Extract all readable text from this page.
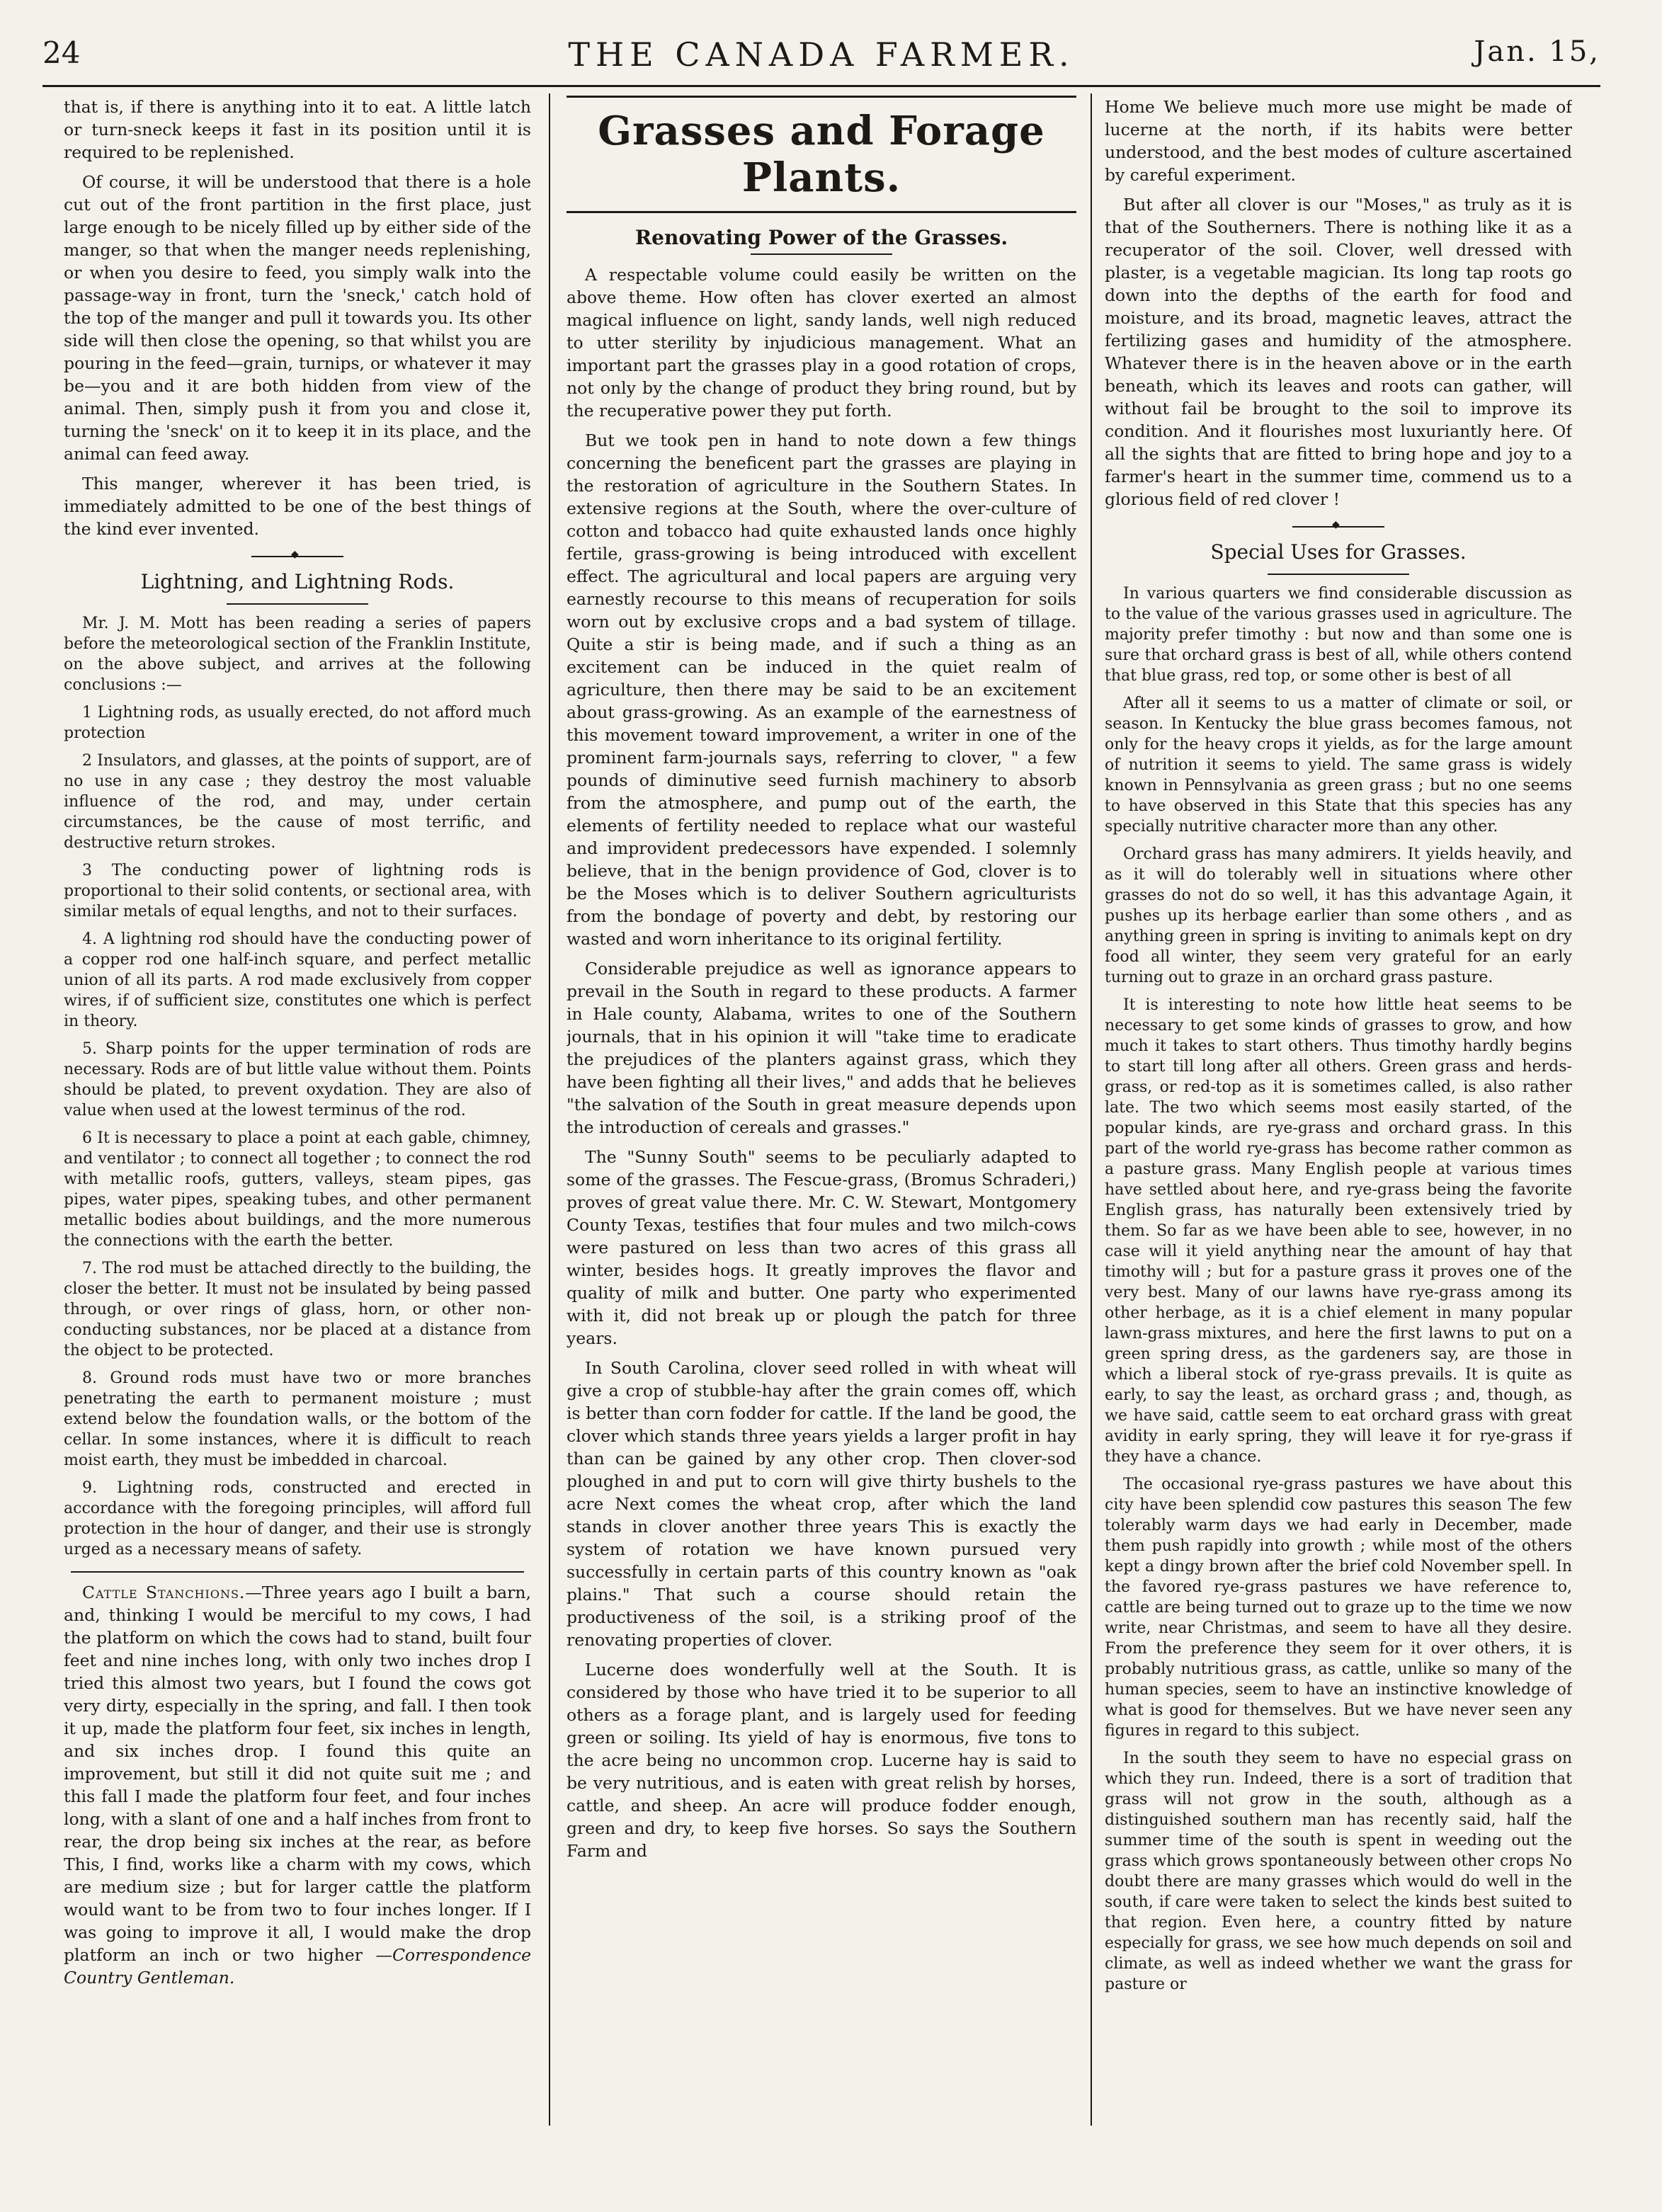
24	THE CANADA FARMER.	Jan. 15,

that is, if there is anything into it to eat. A little latch or turn-sneck keeps it fast in its position until it is required to be replenished.

Of course, it will be understood that there is a hole cut out of the front partition in the first place, just large enough to be nicely filled up by either side of the manger, so that when the manger needs replenishing, or when you desire to feed, you simply walk into the passage-way in front, turn the 'sneck,' catch hold of the top of the manger and pull it towards you. Its other side will then close the opening, so that whilst you are pouring in the feed—grain, turnips, or whatever it may be—you and it are both hidden from view of the animal. Then, simply push it from you and close it, turning the 'sneck' on it to keep it in its place, and the animal can feed away.

This manger, wherever it has been tried, is immediately admitted to be one of the best things of the kind ever invented.

◆
Lightning, and Lightning Rods.

Mr. J. M. Mott has been reading a series of papers before the meteorological section of the Franklin Institute, on the above subject, and arrives at the following conclusions :—

1 Lightning rods, as usually erected, do not afford much protection

2 Insulators, and glasses, at the points of support, are of no use in any case ; they destroy the most valuable influence of the rod, and may, under certain circumstances, be the cause of most terrific, and destructive return strokes.

3 The conducting power of lightning rods is proportional to their solid contents, or sectional area, with similar metals of equal lengths, and not to their surfaces.

4. A lightning rod should have the conducting power of a copper rod one half-inch square, and perfect metallic union of all its parts. A rod made exclusively from copper wires, if of sufficient size, constitutes one which is perfect in theory.

5. Sharp points for the upper termination of rods are necessary. Rods are of but little value without them. Points should be plated, to prevent oxydation. They are also of value when used at the lowest terminus of the rod.

6 It is necessary to place a point at each gable, chimney, and ventilator ; to connect all together ; to connect the rod with metallic roofs, gutters, valleys, steam pipes, gas pipes, water pipes, speaking tubes, and other permanent metallic bodies about buildings, and the more numerous the connections with the earth the better.

7. The rod must be attached directly to the building, the closer the better. It must not be insulated by being passed through, or over rings of glass, horn, or other non-conducting substances, nor be placed at a distance from the object to be protected.

8. Ground rods must have two or more branches penetrating the earth to permanent moisture ; must extend below the foundation walls, or the bottom of the cellar. In some instances, where it is difficult to reach moist earth, they must be imbedded in charcoal.

9. Lightning rods, constructed and erected in accordance with the foregoing principles, will afford full protection in the hour of danger, and their use is strongly urged as a necessary means of safety.

Cattle Stanchions.—Three years ago I built a barn, and, thinking I would be merciful to my cows, I had the platform on which the cows had to stand, built four feet and nine inches long, with only two inches drop I tried this almost two years, but I found the cows got very dirty, especially in the spring, and fall. I then took it up, made the platform four feet, six inches in length, and six inches drop. I found this quite an improvement, but still it did not quite suit me ; and this fall I made the platform four feet, and four inches long, with a slant of one and a half inches from front to rear, the drop being six inches at the rear, as before This, I find, works like a charm with my cows, which are medium size ; but for larger cattle the platform would want to be from two to four inches longer. If I was going to improve it all, I would make the drop platform an inch or two higher —Correspondence Country Gentleman.

Grasses and Forage Plants.
Renovating Power of the Grasses.

A respectable volume could easily be written on the above theme. How often has clover exerted an almost magical influence on light, sandy lands, well nigh reduced to utter sterility by injudicious management. What an important part the grasses play in a good rotation of crops, not only by the change of product they bring round, but by the recuperative power they put forth.

But we took pen in hand to note down a few things concerning the beneficent part the grasses are playing in the restoration of agriculture in the Southern States. In extensive regions at the South, where the over-culture of cotton and tobacco had quite exhausted lands once highly fertile, grass-growing is being introduced with excellent effect. The agricultural and local papers are arguing very earnestly recourse to this means of recuperation for soils worn out by exclusive crops and a bad system of tillage. Quite a stir is being made, and if such a thing as an excitement can be induced in the quiet realm of agriculture, then there may be said to be an excitement about grass-growing. As an example of the earnestness of this movement toward improvement, a writer in one of the prominent farm-journals says, referring to clover, " a few pounds of diminutive seed furnish machinery to absorb from the atmosphere, and pump out of the earth, the elements of fertility needed to replace what our wasteful and improvident predecessors have expended. I solemnly believe, that in the benign providence of God, clover is to be the Moses which is to deliver Southern agriculturists from the bondage of poverty and debt, by restoring our wasted and worn inheritance to its original fertility.

Considerable prejudice as well as ignorance appears to prevail in the South in regard to these products. A farmer in Hale county, Alabama, writes to one of the Southern journals, that in his opinion it will "take time to eradicate the prejudices of the planters against grass, which they have been fighting all their lives," and adds that he believes "the salvation of the South in great measure depends upon the introduction of cereals and grasses."

The "Sunny South" seems to be peculiarly adapted to some of the grasses. The Fescue-grass, (Bromus Schraderi,) proves of great value there. Mr. C. W. Stewart, Montgomery County Texas, testifies that four mules and two milch-cows were pastured on less than two acres of this grass all winter, besides hogs. It greatly improves the flavor and quality of milk and butter. One party who experimented with it, did not break up or plough the patch for three years.

In South Carolina, clover seed rolled in with wheat will give a crop of stubble-hay after the grain comes off, which is better than corn fodder for cattle. If the land be good, the clover which stands three years yields a larger profit in hay than can be gained by any other crop. Then clover-sod ploughed in and put to corn will give thirty bushels to the acre Next comes the wheat crop, after which the land stands in clover another three years This is exactly the system of rotation we have known pursued very successfully in certain parts of this country known as "oak plains." That such a course should retain the productiveness of the soil, is a striking proof of the renovating properties of clover.

Lucerne does wonderfully well at the South. It is considered by those who have tried it to be superior to all others as a forage plant, and is largely used for feeding green or soiling. Its yield of hay is enormous, five tons to the acre being no uncommon crop. Lucerne hay is said to be very nutritious, and is eaten with great relish by horses, cattle, and sheep. An acre will produce fodder enough, green and dry, to keep five horses. So says the Southern Farm and

Home We believe much more use might be made of lucerne at the north, if its habits were better understood, and the best modes of culture ascertained by careful experiment.

But after all clover is our "Moses," as truly as it is that of the Southerners. There is nothing like it as a recuperator of the soil. Clover, well dressed with plaster, is a vegetable magician. Its long tap roots go down into the depths of the earth for food and moisture, and its broad, magnetic leaves, attract the fertilizing gases and humidity of the atmosphere. Whatever there is in the heaven above or in the earth beneath, which its leaves and roots can gather, will without fail be brought to the soil to improve its condition. And it flourishes most luxuriantly here. Of all the sights that are fitted to bring hope and joy to a farmer's heart in the summer time, commend us to a glorious field of red clover !

◆
Special Uses for Grasses.

In various quarters we find considerable discussion as to the value of the various grasses used in agriculture. The majority prefer timothy : but now and than some one is sure that orchard grass is best of all, while others contend that blue grass, red top, or some other is best of all

After all it seems to us a matter of climate or soil, or season. In Kentucky the blue grass becomes famous, not only for the heavy crops it yields, as for the large amount of nutrition it seems to yield. The same grass is widely known in Pennsylvania as green grass ; but no one seems to have observed in this State that this species has any specially nutritive character more than any other.

Orchard grass has many admirers. It yields heavily, and as it will do tolerably well in situations where other grasses do not do so well, it has this advantage Again, it pushes up its herbage earlier than some others , and as anything green in spring is inviting to animals kept on dry food all winter, they seem very grateful for an early turning out to graze in an orchard grass pasture.

It is interesting to note how little heat seems to be necessary to get some kinds of grasses to grow, and how much it takes to start others. Thus timothy hardly begins to start till long after all others. Green grass and herds-grass, or red-top as it is sometimes called, is also rather late. The two which seems most easily started, of the popular kinds, are rye-grass and orchard grass. In this part of the world rye-grass has become rather common as a pasture grass. Many English people at various times have settled about here, and rye-grass being the favorite English grass, has naturally been extensively tried by them. So far as we have been able to see, however, in no case will it yield anything near the amount of hay that timothy will ; but for a pasture grass it proves one of the very best. Many of our lawns have rye-grass among its other herbage, as it is a chief element in many popular lawn-grass mixtures, and here the first lawns to put on a green spring dress, as the gardeners say, are those in which a liberal stock of rye-grass prevails. It is quite as early, to say the least, as orchard grass ; and, though, as we have said, cattle seem to eat orchard grass with great avidity in early spring, they will leave it for rye-grass if they have a chance.

The occasional rye-grass pastures we have about this city have been splendid cow pastures this season The few tolerably warm days we had early in December, made them push rapidly into growth ; while most of the others kept a dingy brown after the brief cold November spell. In the favored rye-grass pastures we have reference to, cattle are being turned out to graze up to the time we now write, near Christmas, and seem to have all they desire. From the preference they seem for it over others, it is probably nutritious grass, as cattle, unlike so many of the human species, seem to have an instinctive knowledge of what is good for themselves. But we have never seen any figures in regard to this subject.

In the south they seem to have no especial grass on which they run. Indeed, there is a sort of tradition that grass will not grow in the south, although as a distinguished southern man has recently said, half the summer time of the south is spent in weeding out the grass which grows spontaneously between other crops No doubt there are many grasses which would do well in the south, if care were taken to select the kinds best suited to that region. Even here, a country fitted by nature especially for grass, we see how much depends on soil and climate, as well as indeed whether we want the grass for pasture or
